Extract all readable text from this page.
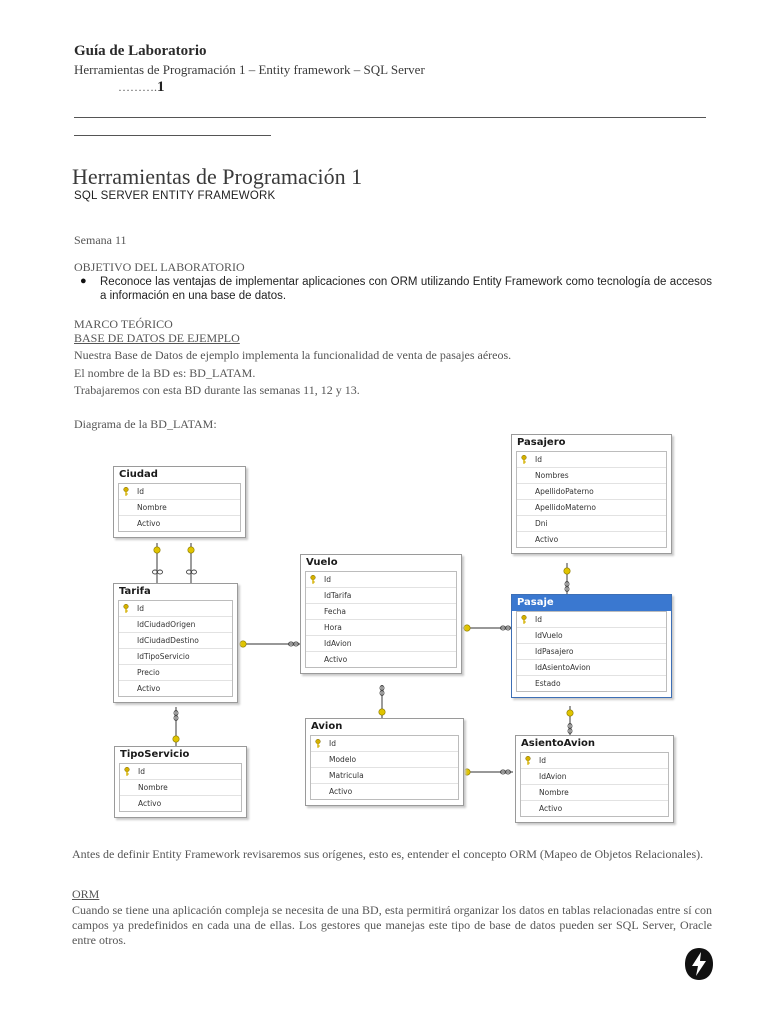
Guía de Laboratorio
Herramientas de Programación 1 – Entity framework – SQL Server
……….1
Herramientas de Programación 1
SQL SERVER ENTITY FRAMEWORK
Semana 11
OBJETIVO DEL LABORATORIO
● Reconoce las ventajas de implementar aplicaciones con ORM utilizando Entity Framework como tecnología de accesos a información en una base de datos.
MARCO TEÓRICO
BASE DE DATOS DE EJEMPLO
Nuestra Base de Datos de ejemplo implementa la funcionalidad de venta de pasajes aéreos.
El nombre de la BD es: BD_LATAM.
Trabajaremos con esta BD durante las semanas 11, 12 y 13.
Diagrama de la BD_LATAM:
Ciudad
Id
Nombre
Activo
Tarifa
Id
IdCiudadOrigen
IdCiudadDestino
IdTipoServicio
Precio
Activo
TipoServicio
Id
Nombre
Activo
Vuelo
Id
IdTarifa
Fecha
Hora
IdAvion
Activo
Avion
Id
Modelo
Matricula
Activo
Pasajero
Id
Nombres
ApellidoPaterno
ApellidoMaterno
Dni
Activo
Pasaje
Id
IdVuelo
IdPasajero
IdAsientoAvion
Estado
AsientoAvion
Id
IdAvion
Nombre
Activo
Antes de definir Entity Framework revisaremos sus orígenes, esto es, entender el concepto ORM (Mapeo de Objetos Relacionales).
ORM
Cuando se tiene una aplicación compleja se necesita de una BD, esta permitirá organizar los datos en tablas relacionadas entre sí con campos ya predefinidos en cada una de ellas. Los gestores que manejas este tipo de base de datos pueden ser SQL Server, Oracle entre otros.
